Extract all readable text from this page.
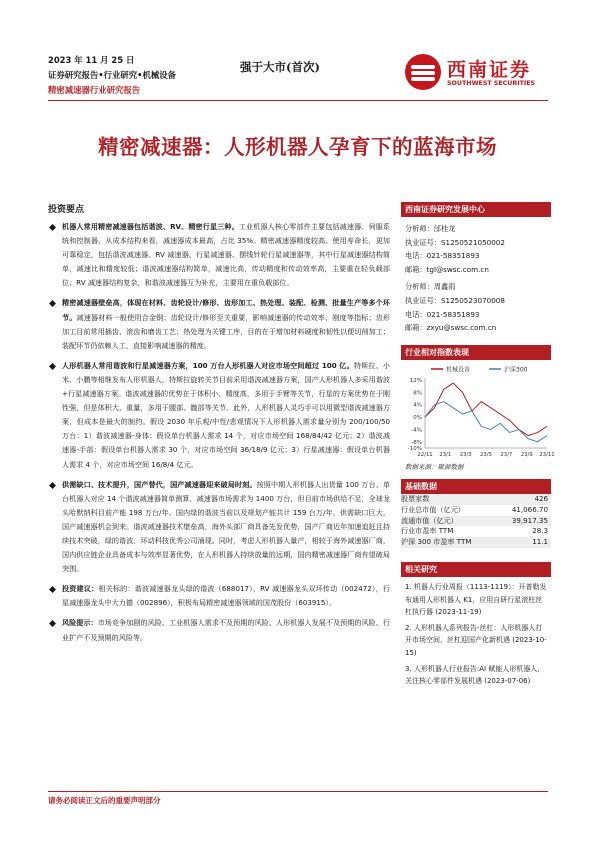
2023 年 11 月 25 日
证券研究报告•行业研究•机械设备
精密减速器行业研究报告
强于大市(首次)	西南证券
SOUTHWEST SECURITIES
精密减速器：人形机器人孕育下的蓝海市场
投资要点
机器人常用精密减速器包括谐波、RV、精密行星三种。工业机器人核心零部件主要包括减速器、伺服系统和控制器，从成本结构来看，减速器成本最高，占比 35%。精密减速器精度较高、使用寿命长，更加可靠稳定，包括谐波减速器、RV 减速器、行星减速器、摆线针轮行星减速器等，其中行星减速器结构简单，减速比和精度较低；谐波减速器结构简单，减速比高，传动精度和传动效率高，主要重在轻负载部位；RV 减速器结构复杂，和谐波减速器互为补充，主要用在重负载部位。
精密减速器壁垒高，体现在材料、齿轮设计/修形、齿形加工、热处理、装配、检测、批量生产等多个环节。减速器材料一般使用合金钢；齿轮设计/修形至关重要，影响减速器的传动效率、刚度等指标；齿形加工目前常用插齿、滚齿和磨齿工艺；热处理为关键工序，目的在于增加材料硬度和韧性以便切削加工；装配环节仍依赖人工，直接影响减速器的精度。
人形机器人常用谐波和行星减速器方案，100 万台人形机器人对应市场空间超过 100 亿。特斯拉、小米、小鹏等相继发布人形机器人，特斯拉旋转关节目前采用谐波减速器方案，国产人形机器人多采用谐波+行星减速器方案。谐波减速器的优势在于体积小、精度高，多用于手臂等关节，行星的方案优势在于刚性强，但是体积大、重量，多用于腿部、髋部等关节。此外，人形机器人灵巧手可以用微型谐波减速器方案，但成本是最大的制约。假设 2030 年乐观/中性/悲观情况下人形机器人需求量分别为 200/100/50 万台：1）谐波减速器-身体：假设单台机器人需求 14 个，对应市场空间 168/84/42 亿元；2）谐波减速器-手部：假设单台机器人需求 30 个，对应市场空间 36/18/9 亿元；3）行星减速器：假设单台机器人需求 4 个，对应市场空间 16/8/4 亿元。
供需缺口、技术提升，国产替代，国产减速器迎来破局时刻。按照中期人形机器人出货量 100 万台、单台机器人对应 14 个谐波减速器简单测算，减速器市场需求为 1400 万台，但目前市场供给不足，全球龙头哈默纳科目前产能 198 万台/年、国内绿的谐波当前以及规划产能共计 159 台万/年，供需缺口巨大，国产减速器机会到来。谐波减速器技术壁垒高，海外头部厂商具备先发优势，国产厂商近年加速追赶且持续技术突破，绿的谐波、环动科技优秀公司涌现。同时，考虑人形机器人量产，相较于海外减速器厂商，国内供应链企业具备成本与效率显著优势，在人形机器人持续放量的远期，国内精密减速器厂商有望破局突围。
投资建议：相关标的：谐波减速器龙头绿的谐波（688017），RV 减速器龙头双环传动（002472），行星减速器龙头中大力德（002896），积极布局精密减速器领域的国茂股份（603915）。
风险提示：市场竞争加剧的风险、工业机器人需求不及预期的风险、人形机器人发展不及预期的风险、行业扩产不及预期的风险等。
西南证券研究发展中心
分析师：邰桂龙
执业证号：S1250521050002
电话：021-58351893
邮箱：tgl@swsc.com.cn
分析师：周鑫雨
执业证号：S1250523070008
电话：021-58351893
邮箱：zxyu@swsc.com.cn
行业相对指数表现
机械设备	沪深300
12%
8%
4%
0%
-4%
-8%
-10%
22/11 23/1 23/3 23/5 23/7 23/9 23/11
数据来源：聚源数据
基础数据
股票家数	426
行业总市值（亿元）	41,066.70
流通市值（亿元）	39,917.35
行业市盈率 TTM	28.3
沪深 300 市盈率 TTM	11.1
相关研究
1. 机器人行业周报（1113-1119）：开普勒发布通用人形机器人 K1，应用自研行星滚柱丝杠执行器 (2023-11-19)
2. 人形机器人系列报告-丝杠：人形机器人打开市场空间，丝杠迎国产化新机遇 (2023-10-15)
3. 人形机器人行业报告:AI 赋能人形机器人，关注核心零部件发展机遇 (2023-07-06)
请务必阅读正文后的重要声明部分
